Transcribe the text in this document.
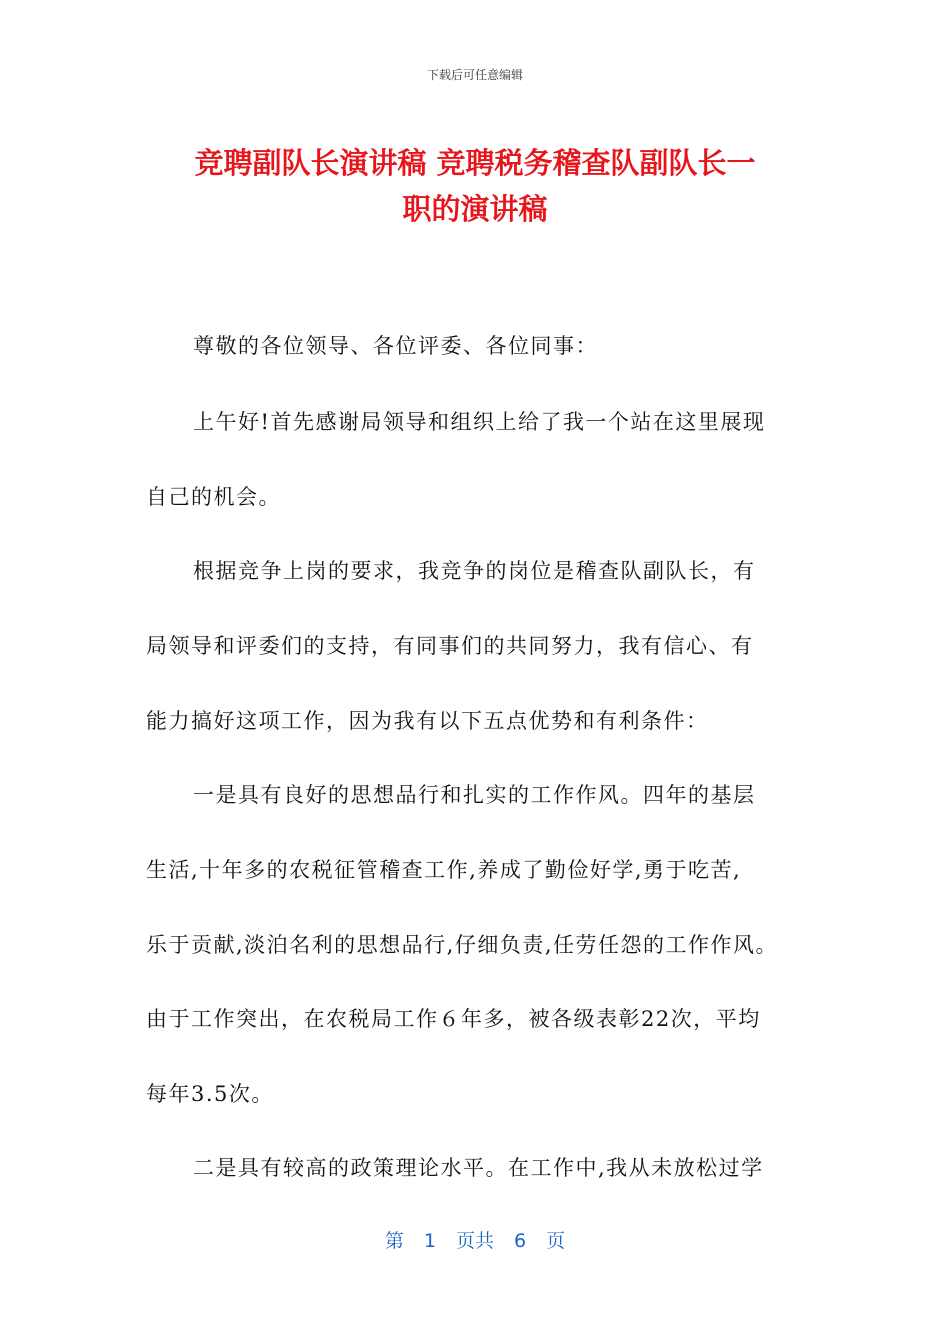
下载后可任意编辑
竞聘副队长演讲稿 竞聘税务稽查队副队长一
职的演讲稿
尊敬的各位领导、各位评委、各位同事：
上午好!首先感谢局领导和组织上给了我一个站在这里展现
自己的机会。
根据竞争上岗的要求，我竞争的岗位是稽查队副队长，有
局领导和评委们的支持，有同事们的共同努力，我有信心、有
能力搞好这项工作，因为我有以下五点优势和有利条件：
一是具有良好的思想品行和扎实的工作作风。四年的基层
生活,十年多的农税征管稽查工作,养成了勤俭好学,勇于吃苦,
乐于贡献,淡泊名利的思想品行,仔细负责,任劳任怨的工作作风。
由于工作突出，在农税局工作６年多，被各级表彰22次，平均
每年3.5次。
二是具有较高的政策理论水平。在工作中,我从未放松过学
第 1 页共 6 页
